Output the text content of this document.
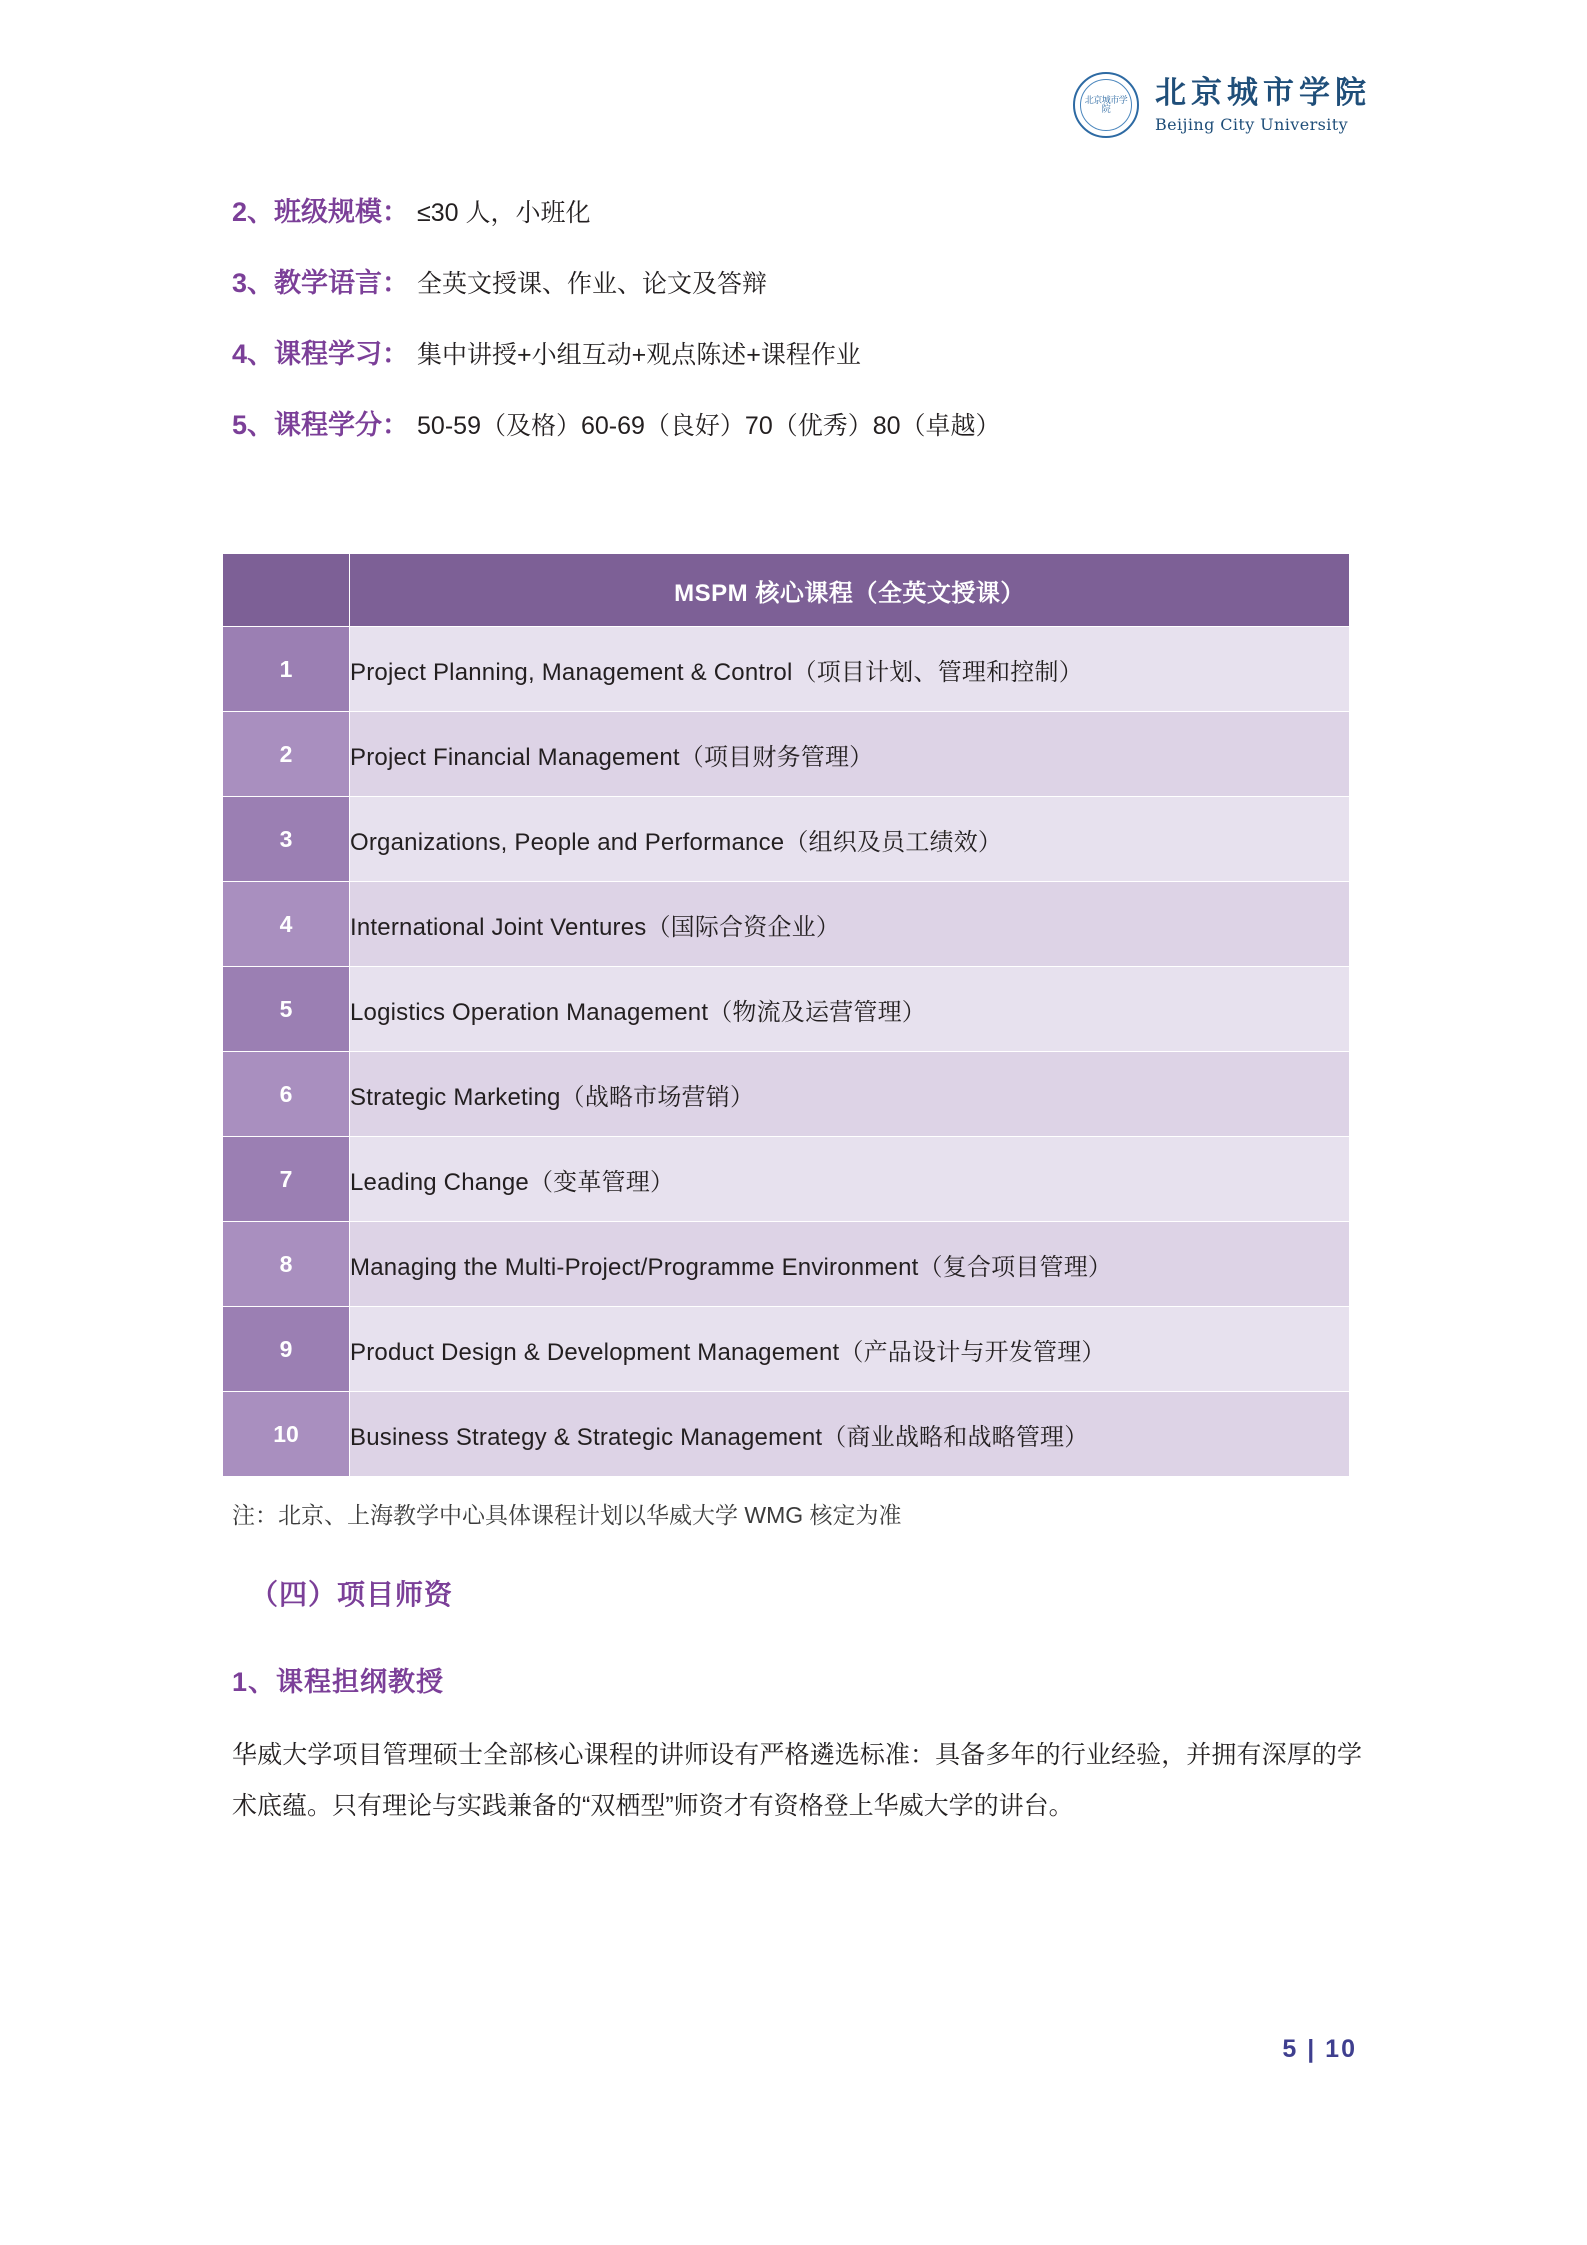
北京城市学院	北京城市学院
Beijing City University
2、班级规模： ≤30 人，小班化
3、教学语言： 全英文授课、作业、论文及答辩
4、课程学习： 集中讲授+小组互动+观点陈述+课程作业
5、课程学分： 50-59（及格）60-69（良好）70（优秀）80（卓越）
	MSPM 核心课程（全英文授课）
1	Project Planning, Management & Control（项目计划、管理和控制）
2	Project Financial Management（项目财务管理）
3	Organizations, People and Performance（组织及员工绩效）
4	International Joint Ventures（国际合资企业）
5	Logistics Operation Management（物流及运营管理）
6	Strategic Marketing（战略市场营销）
7	Leading Change（变革管理）
8	Managing the Multi-Project/Programme Environment（复合项目管理）
9	Product Design & Development Management（产品设计与开发管理）
10	Business Strategy & Strategic Management（商业战略和战略管理）
注：北京、上海教学中心具体课程计划以华威大学 WMG 核定为准
（四）项目师资
1、课程担纲教授
华威大学项目管理硕士全部核心课程的讲师设有严格遴选标准：具备多年的行业经验，并拥有深厚的学术底蕴。只有理论与实践兼备的“双栖型”师资才有资格登上华威大学的讲台。
5 | 10
